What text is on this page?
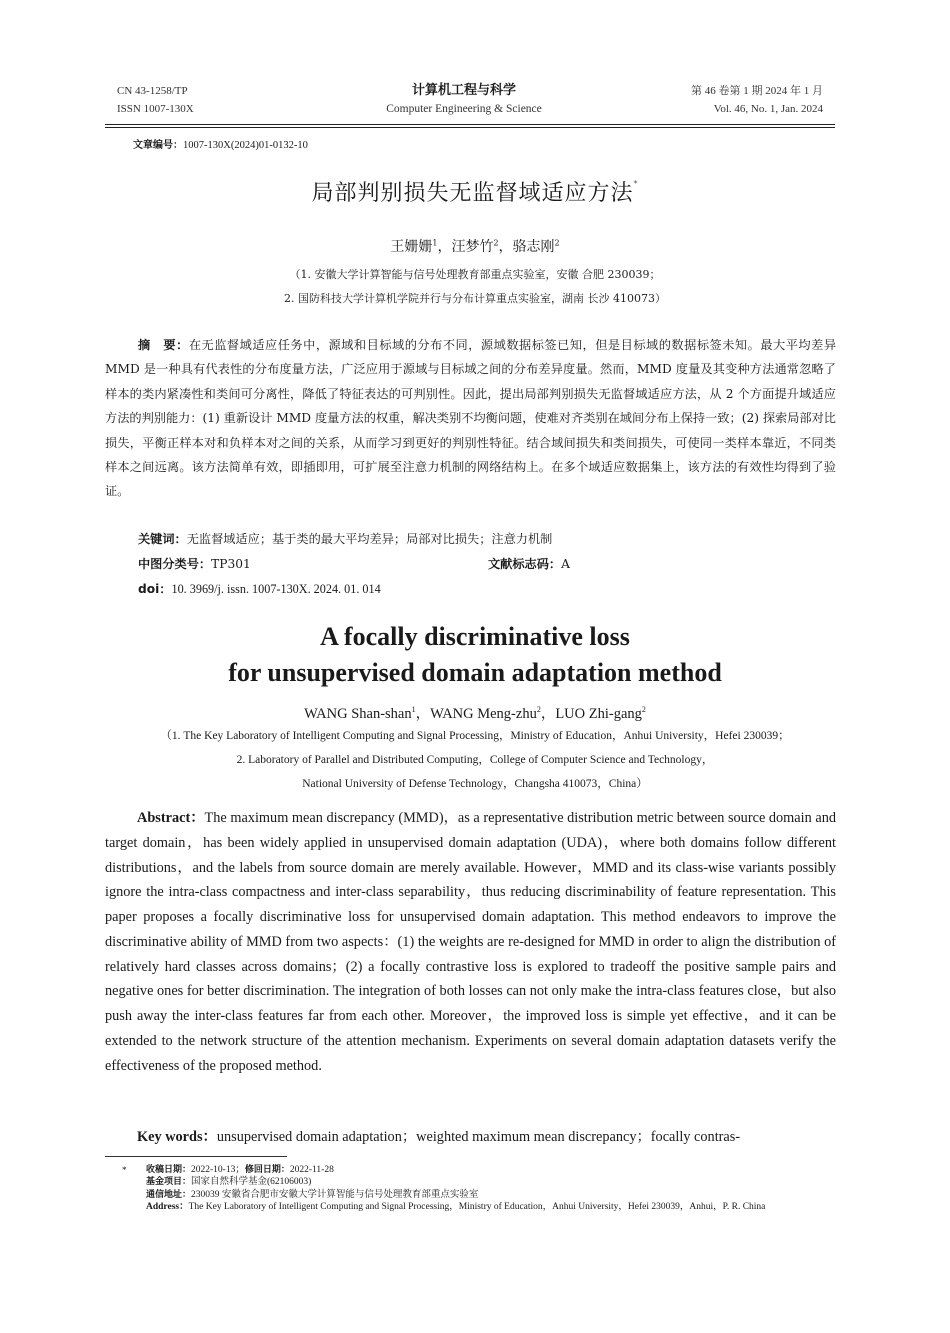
CN 43-1258/TP
ISSN 1007-130X
计算机工程与科学
Computer Engineering & Science
第 46 卷第 1 期 2024 年 1 月
Vol. 46, No. 1, Jan. 2024
文章编号：1007-130X(2024)01-0132-10
局部判别损失无监督域适应方法*
王姗姗$^1$，汪梦竹$^2$，骆志刚$^2$
（1. 安徽大学计算智能与信号处理教育部重点实验室，安徽 合肥 230039；
2. 国防科技大学计算机学院并行与分布计算重点实验室，湖南 长沙 410073）
摘　要：在无监督域适应任务中，源域和目标域的分布不同，源域数据标签已知，但是目标域的数据标签未知。最大平均差异 MMD 是一种具有代表性的分布度量方法，广泛应用于源域与目标域之间的分布差异度量。然而，MMD 度量及其变种方法通常忽略了样本的类内紧凑性和类间可分离性，降低了特征表达的可判别性。因此，提出局部判别损失无监督域适应方法，从 2 个方面提升域适应方法的判别能力：(1) 重新设计 MMD 度量方法的权重，解决类别不均衡问题，使难对齐类别在域间分布上保持一致；(2) 探索局部对比损失，平衡正样本对和负样本对之间的关系，从而学习到更好的判别性特征。结合域间损失和类间损失，可使同一类样本靠近，不同类样本之间远离。该方法简单有效，即插即用，可扩展至注意力机制的网络结构上。在多个域适应数据集上，该方法的有效性均得到了验证。
关键词：无监督域适应；基于类的最大平均差异；局部对比损失；注意力机制
中图分类号：TP301	文献标志码：A
doi：10. 3969/j. issn. 1007-130X. 2024. 01. 014
A focally discriminative loss
for unsupervised domain adaptation method
WANG Shan-shan$^1$，WANG Meng-zhu$^2$，LUO Zhi-gang$^2$
（1. The Key Laboratory of Intelligent Computing and Signal Processing，Ministry of Education，Anhui University，Hefei 230039；
2. Laboratory of Parallel and Distributed Computing，College of Computer Science and Technology，
National University of Defense Technology，Changsha 410073，China）
Abstract：The maximum mean discrepancy (MMD)，as a representative distribution metric between source domain and target domain，has been widely applied in unsupervised domain adaptation (UDA)，where both domains follow different distributions，and the labels from source domain are merely available. However，MMD and its class-wise variants possibly ignore the intra-class compactness and inter-class separability，thus reducing discriminability of feature representation. This paper proposes a focally discriminative loss for unsupervised domain adaptation. This method endeavors to improve the discriminative ability of MMD from two aspects：(1) the weights are re-designed for MMD in order to align the distribution of relatively hard classes across domains；(2) a focally contrastive loss is explored to tradeoff the positive sample pairs and negative ones for better discrimination. The integration of both losses can not only make the intra-class features close，but also push away the inter-class features far from each other. Moreover，the improved loss is simple yet effective，and it can be extended to the network structure of the attention mechanism. Experiments on several domain adaptation datasets verify the effectiveness of the proposed method.
Key words：unsupervised domain adaptation；weighted maximum mean discrepancy；focally contras-
* 收稿日期：2022-10-13；修回日期：2022-11-28
基金项目：国家自然科学基金(62106003)
通信地址：230039 安徽省合肥市安徽大学计算智能与信号处理教育部重点实验室
Address：The Key Laboratory of Intelligent Computing and Signal Processing，Ministry of Education，Anhui University，Hefei 230039，Anhui，P. R. China
